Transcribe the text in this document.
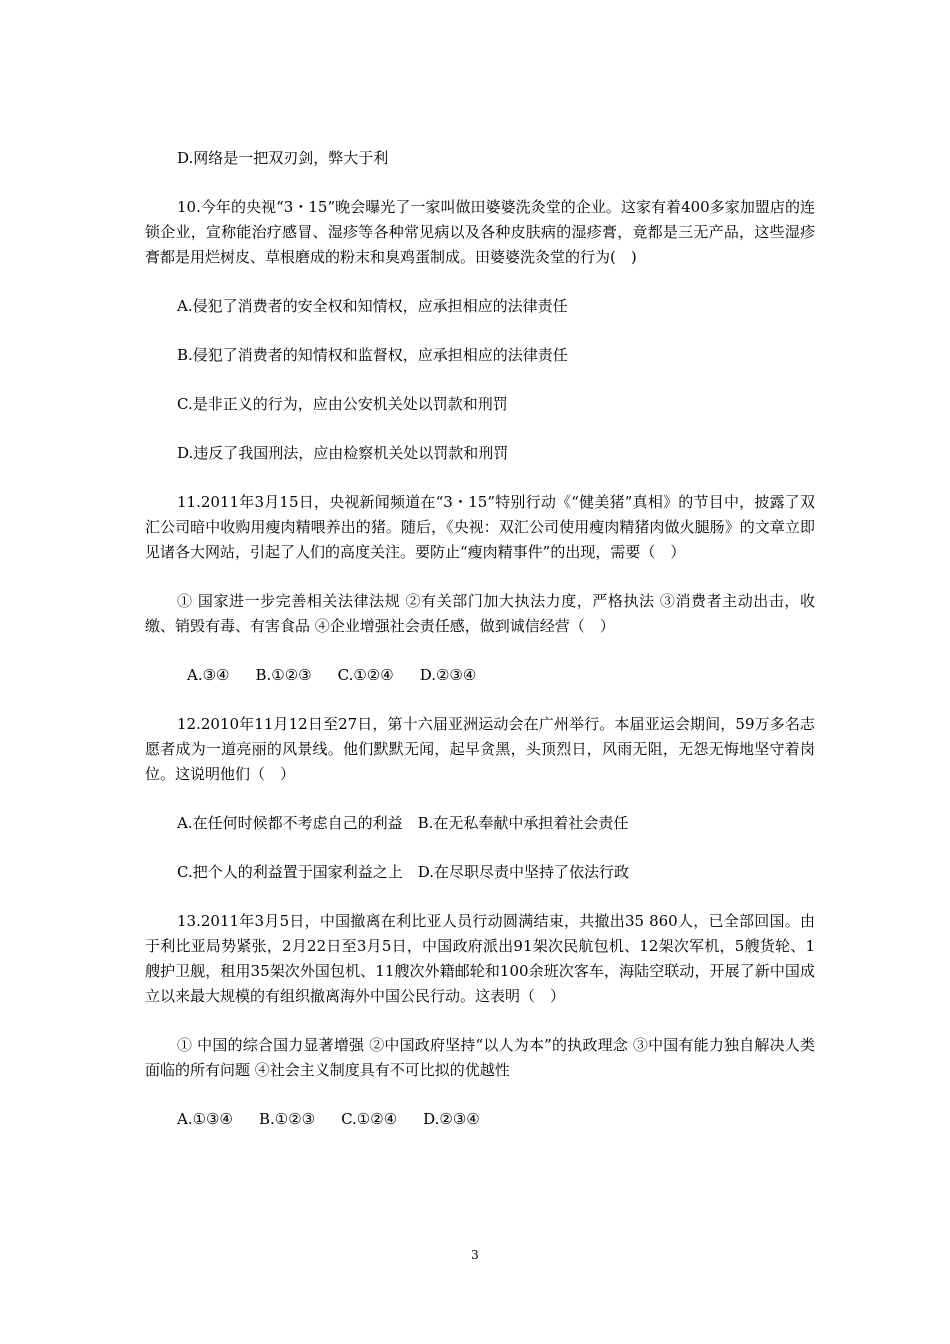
D.网络是一把双刃剑，弊大于利

10.今年的央视“3・15”晚会曝光了一家叫做田婆婆洗灸堂的企业。这家有着400多家加盟店的连锁企业，宣称能治疗感冒、湿疹等各种常见病以及各种皮肤病的湿疹膏，竟都是三无产品，这些湿疹膏都是用烂树皮、草根磨成的粉末和臭鸡蛋制成。田婆婆洗灸堂的行为(　)

A.侵犯了消费者的安全权和知情权，应承担相应的法律责任

B.侵犯了消费者的知情权和监督权，应承担相应的法律责任

C.是非正义的行为，应由公安机关处以罚款和刑罚

D.违反了我国刑法，应由检察机关处以罚款和刑罚

11.2011年3月15日，央视新闻频道在“3・15”特别行动《“健美猪”真相》的节目中，披露了双汇公司暗中收购用瘦肉精喂养出的猪。随后，《央视：双汇公司使用瘦肉精猪肉做火腿肠》的文章立即见诸各大网站，引起了人们的高度关注。要防止“瘦肉精事件”的出现，需要（　）

① 国家进一步完善相关法律法规 ②有关部门加大执法力度，严格执法 ③消费者主动出击，收缴、销毁有毒、有害食品 ④企业增强社会责任感，做到诚信经营（　）

A.③④ B.①②③ C.①②④ D.②③④

12.2010年11月12日至27日，第十六届亚洲运动会在广州举行。本届亚运会期间，59万多名志愿者成为一道亮丽的风景线。他们默默无闻，起早贪黑，头顶烈日，风雨无阻，无怨无悔地坚守着岗位。这说明他们（　）

A.在任何时候都不考虑自己的利益　B.在无私奉献中承担着社会责任

C.把个人的利益置于国家利益之上　D.在尽职尽责中坚持了依法行政

13.2011年3月5日，中国撤离在利比亚人员行动圆满结束，共撤出35 860人，已全部回国。由于利比亚局势紧张，2月22日至3月5日，中国政府派出91架次民航包机、12架次军机，5艘货轮、1艘护卫舰，租用35架次外国包机、11艘次外籍邮轮和100余班次客车，海陆空联动，开展了新中国成立以来最大规模的有组织撤离海外中国公民行动。这表明（　）

① 中国的综合国力显著增强 ②中国政府坚持“以人为本”的执政理念 ③中国有能力独自解决人类面临的所有问题 ④社会主义制度具有不可比拟的优越性

A.①③④ B.①②③ C.①②④ D.②③④
3
